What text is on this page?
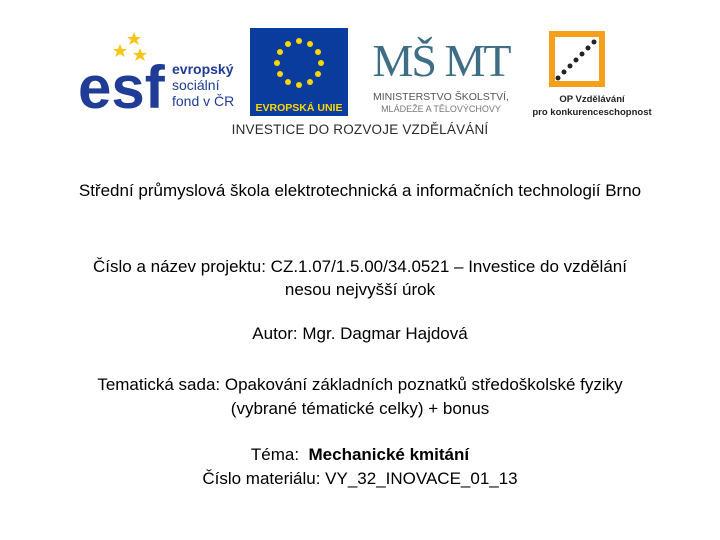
esf evropský
sociální
fond v ČR EVROPSKÁ UNIE
MŠ MT
MINISTERSTVO ŠKOLSTVÍ,
MLÁDEŽE A TĚLOVÝCHOVY
OP Vzdělávání
pro konkurenceschopnost
INVESTICE DO ROZVOJE VZDĚLÁVÁNÍ
Střední průmyslová škola elektrotechnická a informačních technologií Brno
Číslo a název projektu: CZ.1.07/1.5.00/34.0521 – Investice do vzdělání
nesou nejvyšší úrok
Autor: Mgr. Dagmar Hajdová
Tematická sada: Opakování základních poznatků středoškolské fyziky
(vybrané tématické celky) + bonus
Téma: Mechanické kmitání
Číslo materiálu: VY_32_INOVACE_01_13
